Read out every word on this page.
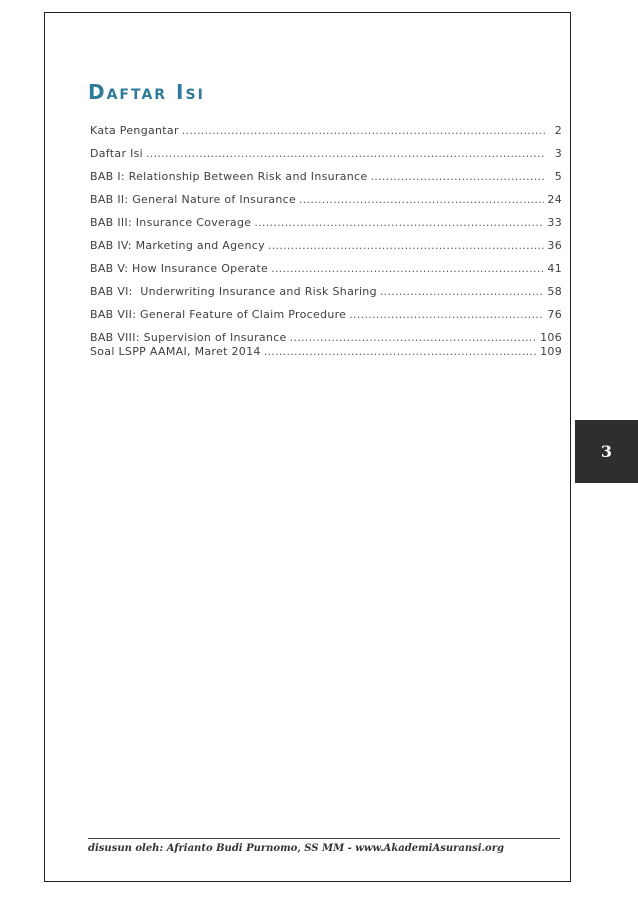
Daftar Isi
Kata Pengantar .....	2
Daftar Isi .....	3
BAB I: Relationship Between Risk and Insurance .....	5
BAB II: General Nature of Insurance .....	24
BAB III: Insurance Coverage .....	33
BAB IV: Marketing and Agency .....	36
BAB V: How Insurance Operate .....	41
BAB VI:  Underwriting Insurance and Risk Sharing .....	58
BAB VII: General Feature of Claim Procedure .....	76
BAB VIII: Supervision of Insurance .....	106
Soal LSPP AAMAI, Maret 2014 .....	109
3
disusun oleh: Afrianto Budi Purnomo, SS MM - www.AkademiAsuransi.org
